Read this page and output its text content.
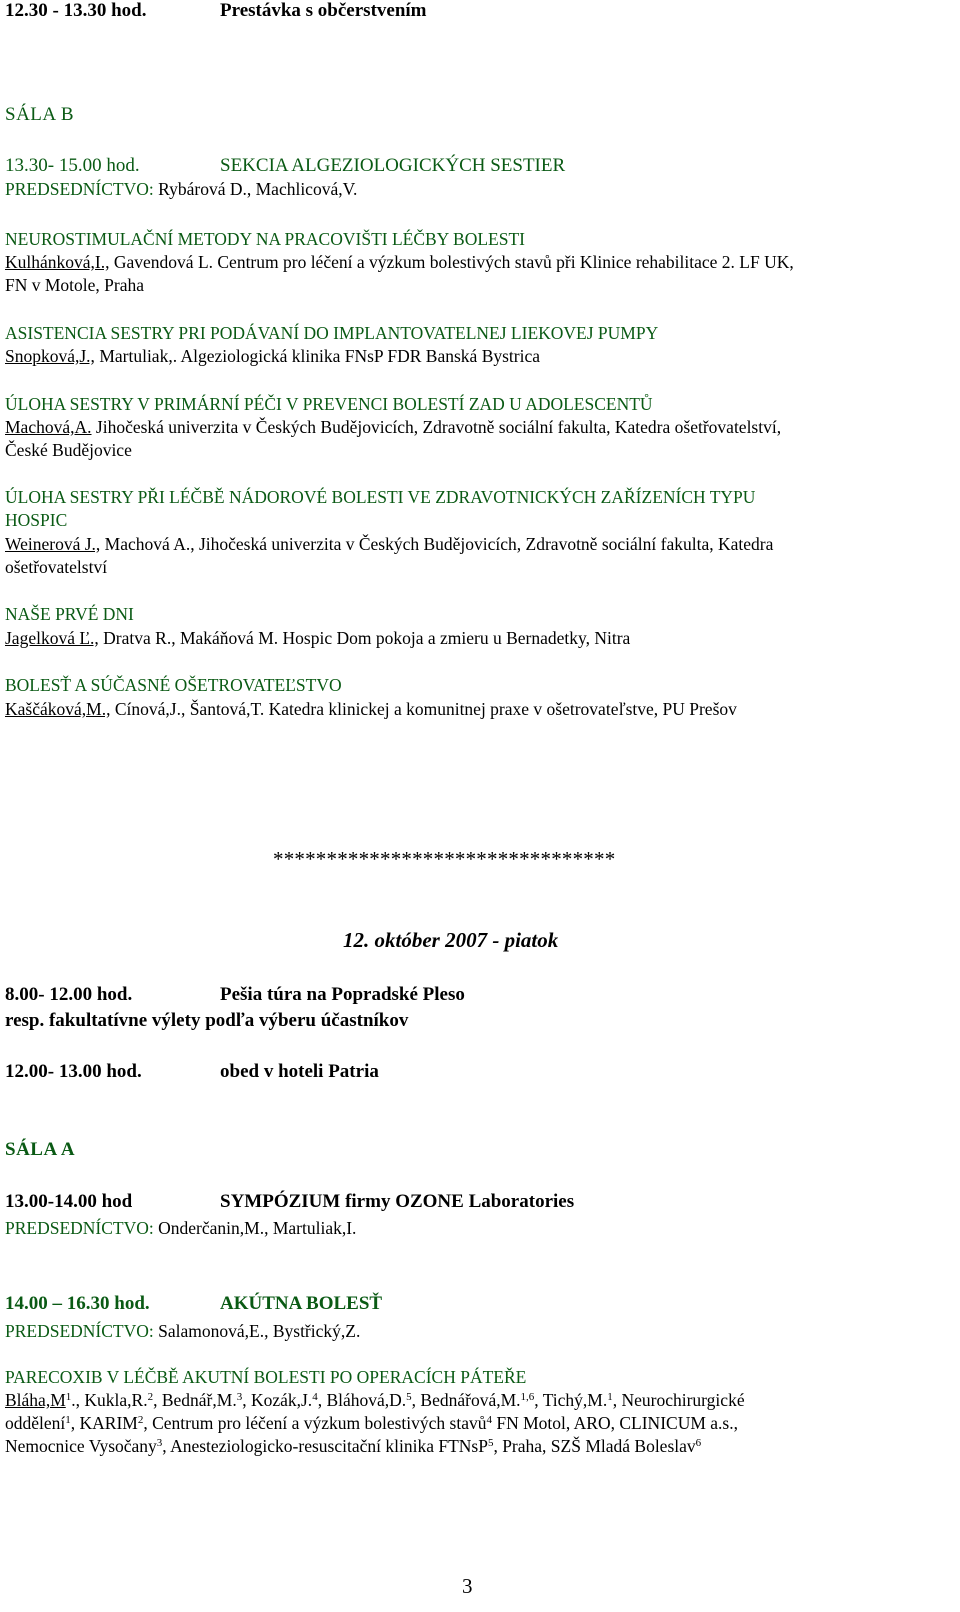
12.30 - 13.30 hod.	Prestávka s občerstvením
SÁLA B
13.30- 15.00 hod.	SEKCIA ALGEZIOLOGICKÝCH SESTIER
PREDSEDNÍCTVO: Rybárová D., Machlicová,V.
NEUROSTIMULAČNÍ METODY NA PRACOVIŠTI LÉČBY BOLESTI
Kulhánková,I., Gavendová L. Centrum pro léčení a výzkum bolestivých stavů při Klinice rehabilitace 2. LF UK,
FN v Motole, Praha
ASISTENCIA SESTRY PRI PODÁVANÍ DO IMPLANTOVATELNEJ LIEKOVEJ PUMPY
Snopková,J., Martuliak,. Algeziologická klinika FNsP FDR Banská Bystrica
ÚLOHA SESTRY V PRIMÁRNÍ PÉČI V PREVENCI BOLESTÍ ZAD U ADOLESCENTŮ
Machová,A. Jihočeská univerzita v Českých Budějovicích, Zdravotně sociální fakulta, Katedra ošetřovatelství,
České Budějovice
ÚLOHA SESTRY PŘI LÉČBĚ NÁDOROVÉ BOLESTI VE ZDRAVOTNICKÝCH ZAŘÍZENÍCH TYPU
HOSPIC
Weinerová J., Machová A., Jihočeská univerzita v Českých Budějovicích, Zdravotně sociální fakulta, Katedra
ošetřovatelství
NAŠE PRVÉ DNI
Jagelková Ľ., Dratva R., Makáňová M. Hospic Dom pokoja a zmieru u Bernadetky, Nitra
BOLESŤ A SÚČASNÉ OŠETROVATEĽSTVO
Kaščáková,M., Cínová,J., Šantová,T. Katedra klinickej a komunitnej praxe v ošetrovateľstve, PU Prešov
********************************
12. október 2007 - piatok
8.00- 12.00 hod.	Pešia túra na Popradské Pleso
resp. fakultatívne výlety podľa výberu účastníkov
12.00- 13.00 hod.	obed v hoteli Patria
SÁLA A
13.00-14.00 hod	SYMPÓZIUM firmy OZONE Laboratories
PREDSEDNÍCTVO: Onderčanin,M., Martuliak,I.
14.00 – 16.30 hod.	AKÚTNA BOLESŤ
PREDSEDNÍCTVO: Salamonová,E., Bystřický,Z.
PARECOXIB V LÉČBĚ AKUTNÍ BOLESTI PO OPERACÍCH PÁTEŘE
$Bláha,M^1$., Kukla,R.$^2$, Bednář,M.$^3$, Kozák,J.$^4$, Bláhová,D.$^5$, Bednářová,M.$^{1,6}$, Tichý,M.$^1$, Neurochirurgické
oddělení$^1$, KARIM$^2$, Centrum pro léčení a výzkum bolestivých stavů$^4$ FN Motol, ARO, CLINICUM a.s.,
Nemocnice Vysočany$^3$, Anesteziologicko-resuscitační klinika FTNsP$^5$, Praha, SZŠ Mladá Boleslav$^6$
3
